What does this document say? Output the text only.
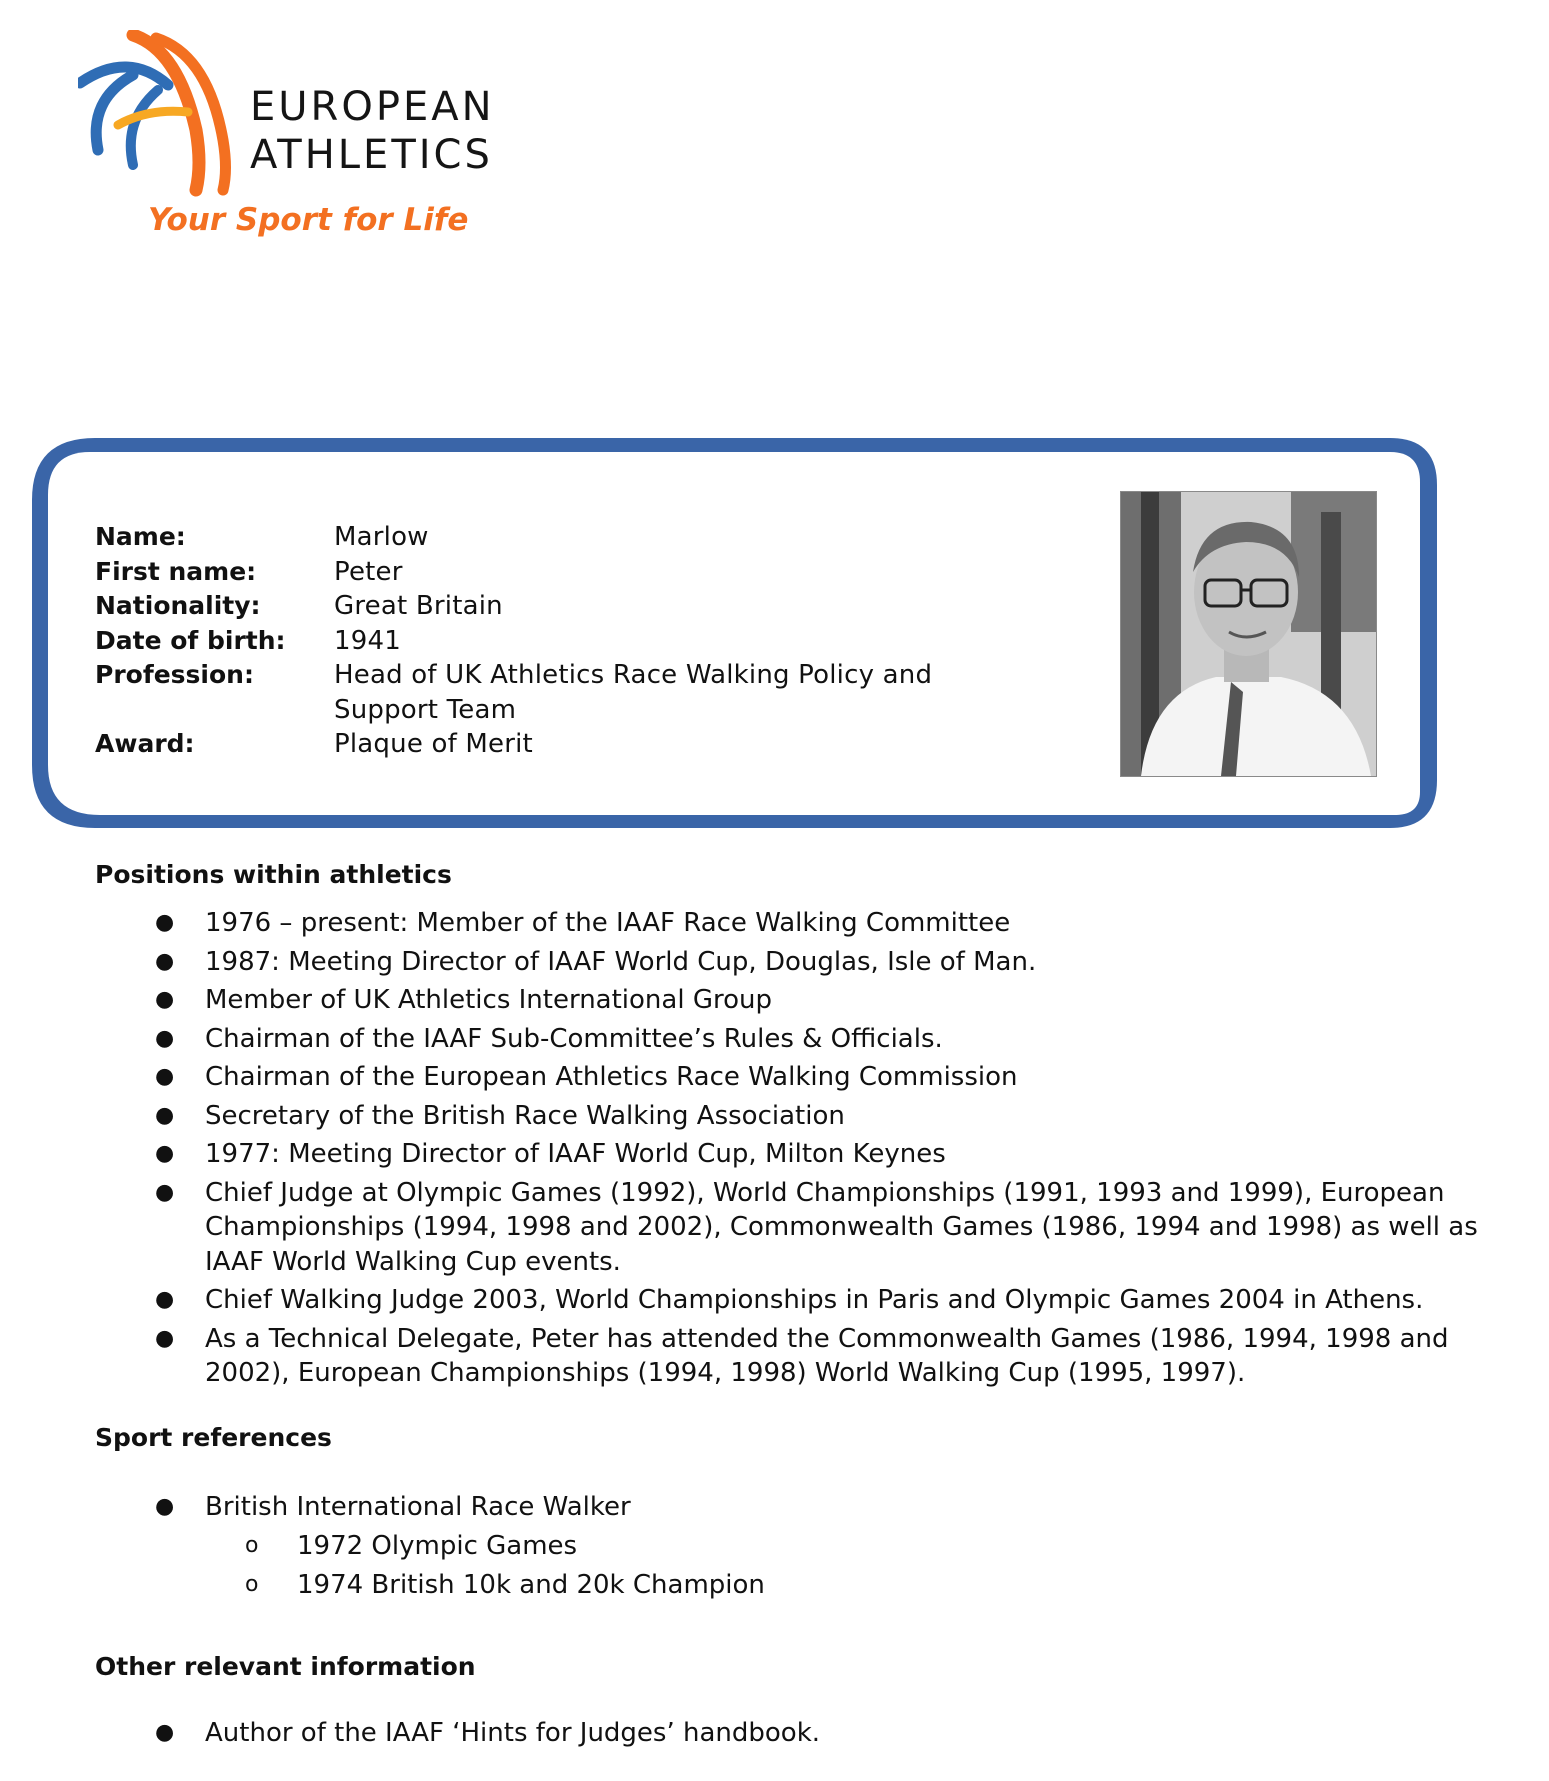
EUROPEAN
ATHLETICS
Your Sport for Life
Name:	Marlow
First name:	Peter
Nationality:	Great Britain
Date of birth:	1941
Profession:	Head of UK Athletics Race Walking Policy and Support Team
Award:	Plaque of Merit
Positions within athletics
● 1976 – present: Member of the IAAF Race Walking Committee
● 1987: Meeting Director of IAAF World Cup, Douglas, Isle of Man.
● Member of UK Athletics International Group
● Chairman of the IAAF Sub-Committee’s Rules & Officials.
● Chairman of the European Athletics Race Walking Commission
● Secretary of the British Race Walking Association
● 1977: Meeting Director of IAAF World Cup, Milton Keynes
● Chief Judge at Olympic Games (1992), World Championships (1991, 1993 and 1999), European Championships (1994, 1998 and 2002), Commonwealth Games (1986, 1994 and 1998) as well as IAAF World Walking Cup events.
● Chief Walking Judge 2003, World Championships in Paris and Olympic Games 2004 in Athens.
● As a Technical Delegate, Peter has attended the Commonwealth Games (1986, 1994, 1998 and 2002), European Championships (1994, 1998) World Walking Cup (1995, 1997).
Sport references
● British International Race Walker
o 1972 Olympic Games
o 1974 British 10k and 20k Champion
Other relevant information
● Author of the IAAF ‘Hints for Judges’ handbook.
